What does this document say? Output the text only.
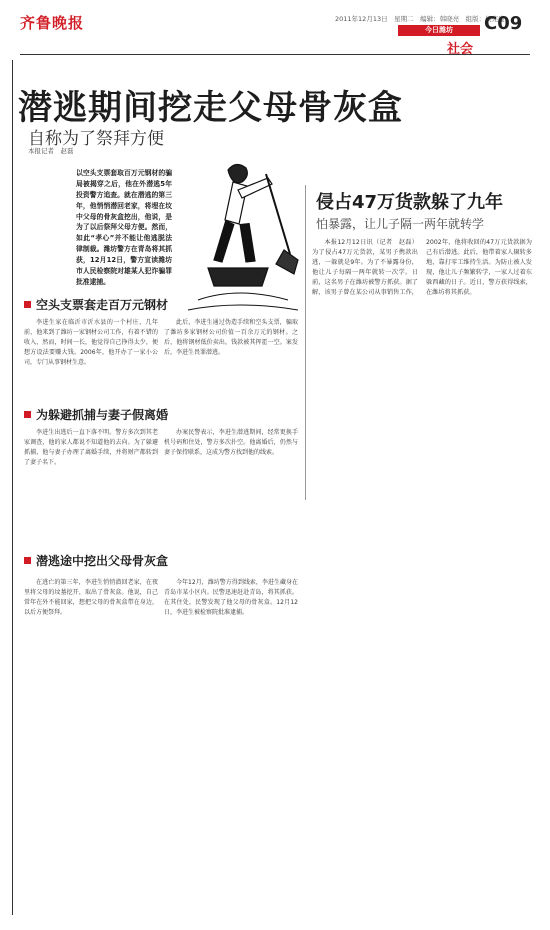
齐鲁晚报	2011年12月13日　星期二　编辑：韩晓亮　组版：侯宪建
今日潍坊
社会
C09
潜逃期间挖走父母骨灰盒
自称为了祭拜方便
本报记者　赵磊
以空头支票套取百万元钢材的骗局被揭穿之后，他在外潜逃5年投资警方追查。就在潜逃的第三年，他悄悄潜回老家，将埋在坟中父母的骨灰盒挖出，他说，是为了以后祭拜父母方便。然而，如此“孝心”并不能让他逃脱法律制裁。潍坊警方在青岛将其抓获，12月12日，警方宣读潍坊市人民检察院对雄某人犯诈骗罪批准逮捕。
侵占47万货款躲了九年
怕暴露，让儿子隔一两年就转学

本报12月12日讯（记者　赵磊）为了侵占47万元货款，某男子携款出逃，一躲就是9年。为了不暴露身份，他让儿子每隔一两年就转一次学。日前，这名男子在潍坊被警方抓获。据了解，该男子曾在某公司从事销售工作，2002年，他将收回的47万元货款据为己有后潜逃。此后，他带着家人辗转多地，靠打零工维持生活。为防止被人发现，他让儿子频繁转学，一家人过着东躲西藏的日子。近日，警方获得线索，在潍坊将其抓获。

空头支票套走百万元钢材

李进生家在临沂市沂水县的一个村庄，几年前，他来到了潍坊一家钢材公司工作，有着不错的收入，然而，时间一长，他觉得自己挣得太少，便想方设法要赚大钱。2006年，他开办了一家小公司，专门从事钢材生意。

此后，李进生通过伪造手续和空头支票，骗取了潍坊多家钢材公司价值一百余万元的钢材。之后，他将钢材低价卖出，钱款被其挥霍一空。案发后，李进生畏罪潜逃。

为躲避抓捕与妻子假离婚

李进生出逃后一直下落不明。警方多次到其老家调查，他的家人都说不知道他的去向。为了躲避抓捕，他与妻子办理了离婚手续，并将财产都转到了妻子名下。

办案民警表示，李进生潜逃期间，经常更换手机号码和住处，警方多次扑空。他离婚后，仍然与妻子保持联系，这成为警方找到他的线索。

潜逃途中挖出父母骨灰盒

在逃亡的第三年，李进生悄悄潜回老家，在夜里将父母的坟墓挖开，取出了骨灰盒。他说，自己常年在外不能回家，想把父母的骨灰盒带在身边，以后方便祭拜。

今年12月，潍坊警方得到线索，李进生藏身在青岛市某小区内。民警迅速赶赴青岛，将其抓获。在其住处，民警发现了他父母的骨灰盒。12月12日，李进生被检察院批准逮捕。
